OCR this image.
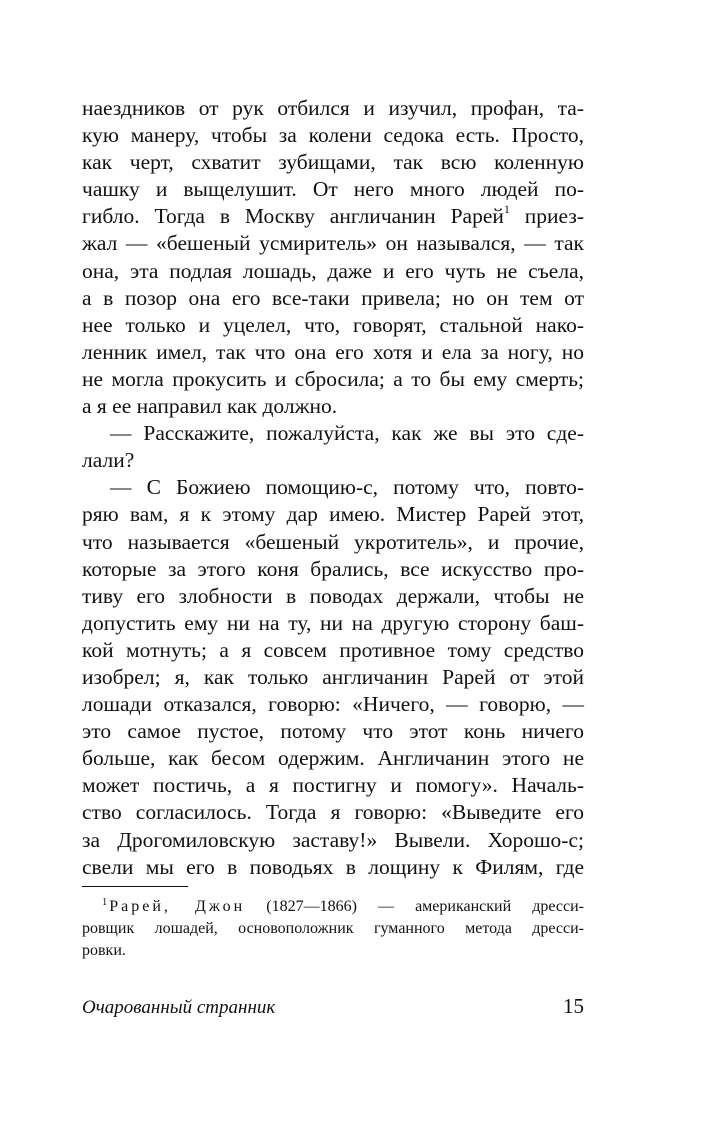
наездников от рук отбился и изучил, профан, та-
кую манеру, чтобы за колени седока есть. Просто,
как черт, схватит зубищами, так всю коленную
чашку и выщелушит. От него много людей по-
гибло. Тогда в Москву англичанин Рарей$^1$ приез-
жал — «бешеный усмиритель» он назывался, — так
она, эта подлая лошадь, даже и его чуть не съела,
а в позор она его все-таки привела; но он тем от
нее только и уцелел, что, говорят, стальной нако-
ленник имел, так что она его хотя и ела за ногу, но
не могла прокусить и сбросила; а то бы ему смерть;
а я ее направил как должно.
— Расскажите, пожалуйста, как же вы это сде-
лали?
— С Божиею помощию-с, потому что, повто-
ряю вам, я к этому дар имею. Мистер Рарей этот,
что называется «бешеный укротитель», и прочие,
которые за этого коня брались, все искусство про-
тиву его злобности в поводах держали, чтобы не
допустить ему ни на ту, ни на другую сторону баш-
кой мотнуть; а я совсем противное тому средство
изобрел; я, как только англичанин Рарей от этой
лошади отказался, говорю: «Ничего, — говорю, —
это самое пустое, потому что этот конь ничего
больше, как бесом одержим. Англичанин этого не
может постичь, а я постигну и помогу». Началь-
ство согласилось. Тогда я говорю: «Выведите его
за Дрогомиловскую заставу!» Вывели. Хорошо-с;
свели мы его в поводьях в лощину к Филям, где
$^1$ Рарей, Джон (1827—1866) — американский дресси-
ровщик лошадей, основоположник гуманного метода дресси-
ровки.
Очарованный странник	15
